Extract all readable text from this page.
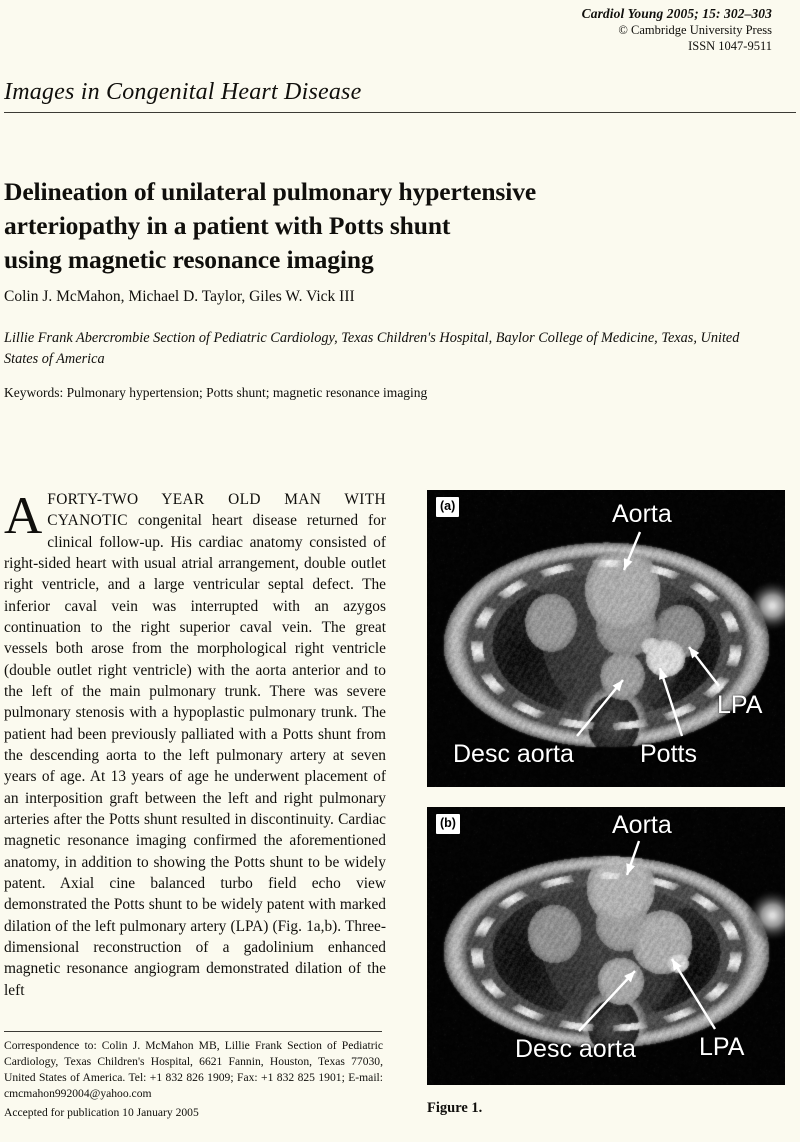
Cardiol Young 2005; 15: 302–303
© Cambridge University Press
ISSN 1047-9511
Images in Congenital Heart Disease
Delineation of unilateral pulmonary hypertensive
arteriopathy in a patient with Potts shunt
using magnetic resonance imaging
Colin J. McMahon, Michael D. Taylor, Giles W. Vick III
Lillie Frank Abercrombie Section of Pediatric Cardiology, Texas Children's Hospital, Baylor College of Medicine, Texas, United States of America
Keywords: Pulmonary hypertension; Potts shunt; magnetic resonance imaging
AFORTY-TWO YEAR OLD MAN WITH CYANOTIC congenital heart disease returned for clinical follow-up. His cardiac anatomy consisted of right-sided heart with usual atrial arrangement, double outlet right ventricle, and a large ventricular septal defect. The inferior caval vein was interrupted with an azygos continuation to the right superior caval vein. The great vessels both arose from the morphological right ventricle (double outlet right ventricle) with the aorta anterior and to the left of the main pulmonary trunk. There was severe pulmonary stenosis with a hypoplastic pulmonary trunk. The patient had been previously palliated with a Potts shunt from the descending aorta to the left pulmonary artery at seven years of age. At 13 years of age he underwent placement of an interposition graft between the left and right pulmonary arteries after the Potts shunt resulted in discontinuity. Cardiac magnetic resonance imaging confirmed the aforementioned anatomy, in addition to showing the Potts shunt to be widely patent. Axial cine balanced turbo field echo view demonstrated the Potts shunt to be widely patent with marked dilation of the left pulmonary artery (LPA) (Fig. 1a,b). Three-dimensional reconstruction of a gadolinium enhanced magnetic resonance angiogram demonstrated dilation of the left
Correspondence to: Colin J. McMahon MB, Lillie Frank Section of Pediatric Cardiology, Texas Children's Hospital, 6621 Fannin, Houston, Texas 77030, United States of America. Tel: +1 832 826 1909; Fax: +1 832 825 1901; E-mail: cmcmahon992004@yahoo.com
Accepted for publication 10 January 2005
(a)	Aorta
LPA
Desc aorta	Potts
(b)	Aorta
Desc aorta	LPA
Figure 1.
